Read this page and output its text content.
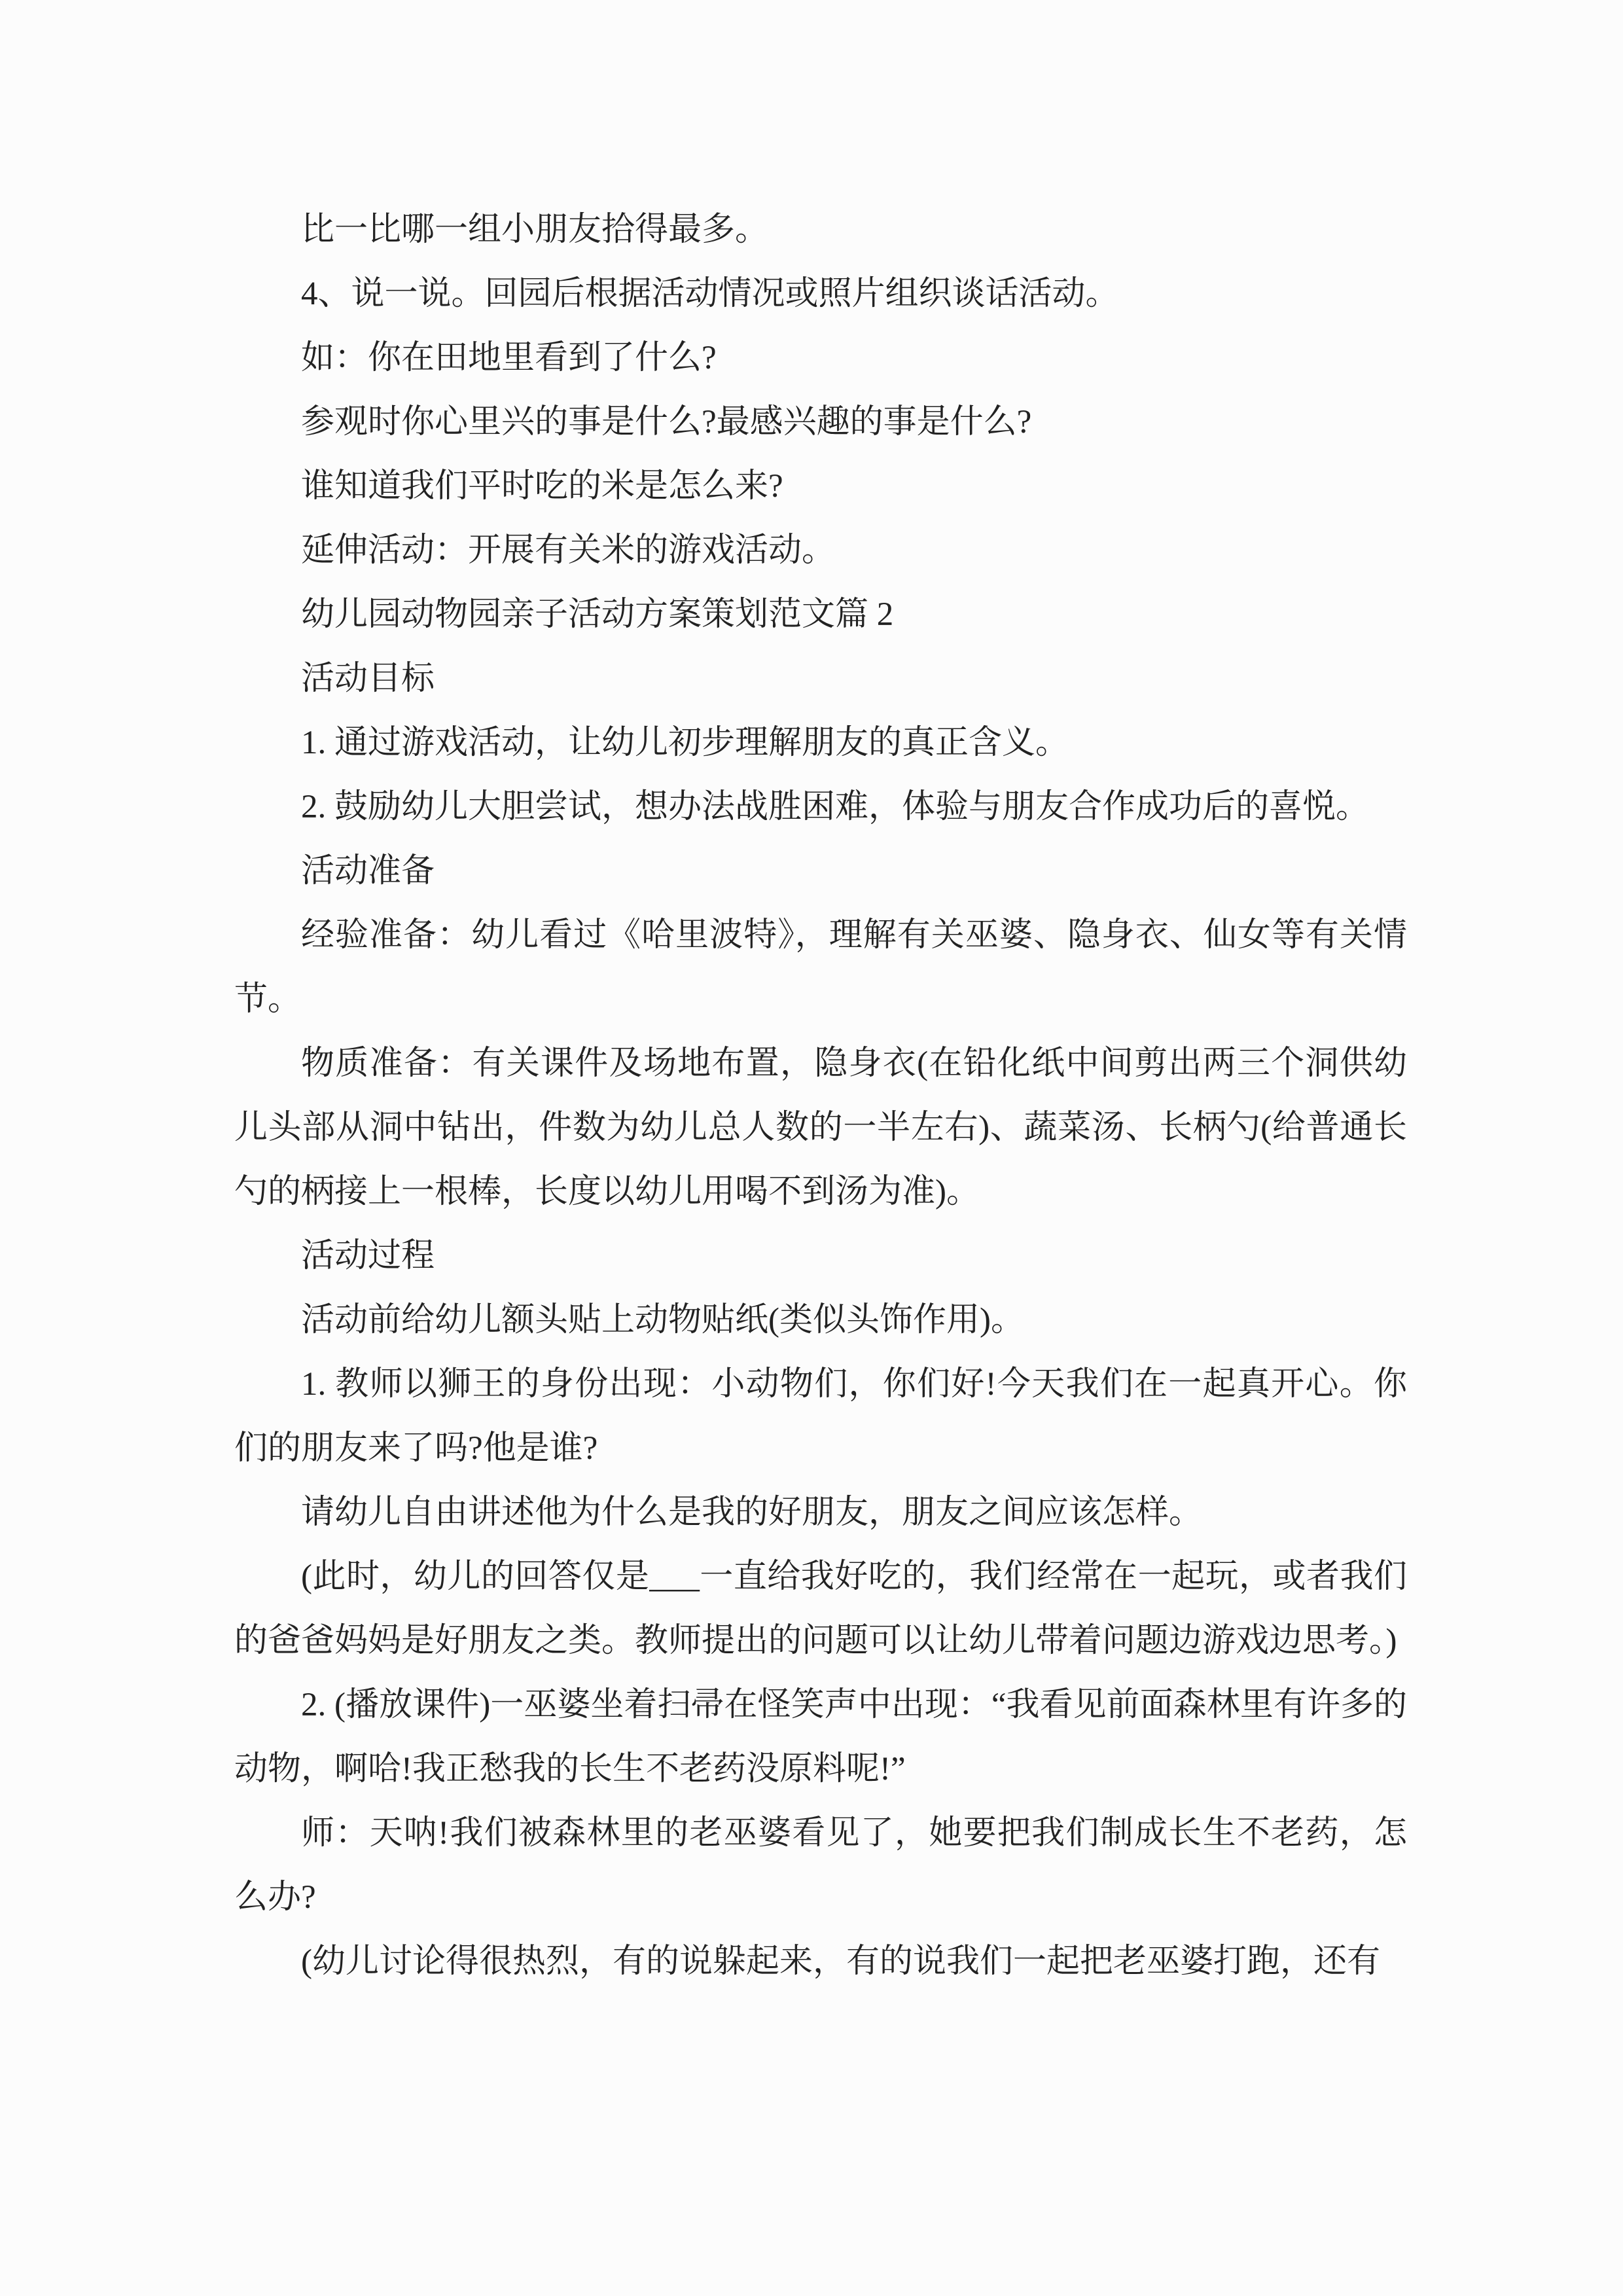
比一比哪一组小朋友拾得最多。

4、说一说。回园后根据活动情况或照片组织谈话活动。

如：你在田地里看到了什么?

参观时你心里兴的事是什么?最感兴趣的事是什么?

谁知道我们平时吃的米是怎么来?

延伸活动：开展有关米的游戏活动。

幼儿园动物园亲子活动方案策划范文篇 2

活动目标

1. 通过游戏活动，让幼儿初步理解朋友的真正含义。

2. 鼓励幼儿大胆尝试，想办法战胜困难，体验与朋友合作成功后的喜悦。

活动准备

经验准备：幼儿看过《哈里波特》，理解有关巫婆、隐身衣、仙女等有关情节。

物质准备：有关课件及场地布置，隐身衣(在铅化纸中间剪出两三个洞供幼儿头部从洞中钻出，件数为幼儿总人数的一半左右)、蔬菜汤、长柄勺(给普通长勺的柄接上一根棒，长度以幼儿用喝不到汤为准)。

活动过程

活动前给幼儿额头贴上动物贴纸(类似头饰作用)。

1. 教师以狮王的身份出现：小动物们，你们好!今天我们在一起真开心。你们的朋友来了吗?他是谁?

请幼儿自由讲述他为什么是我的好朋友，朋友之间应该怎样。

(此时，幼儿的回答仅是___一直给我好吃的，我们经常在一起玩，或者我们的爸爸妈妈是好朋友之类。教师提出的问题可以让幼儿带着问题边游戏边思考。)

2. (播放课件)一巫婆坐着扫帚在怪笑声中出现：“我看见前面森林里有许多的动物，啊哈!我正愁我的长生不老药没原料呢!”

师：天呐!我们被森林里的老巫婆看见了，她要把我们制成长生不老药，怎么办?

(幼儿讨论得很热烈，有的说躲起来，有的说我们一起把老巫婆打跑，还有
